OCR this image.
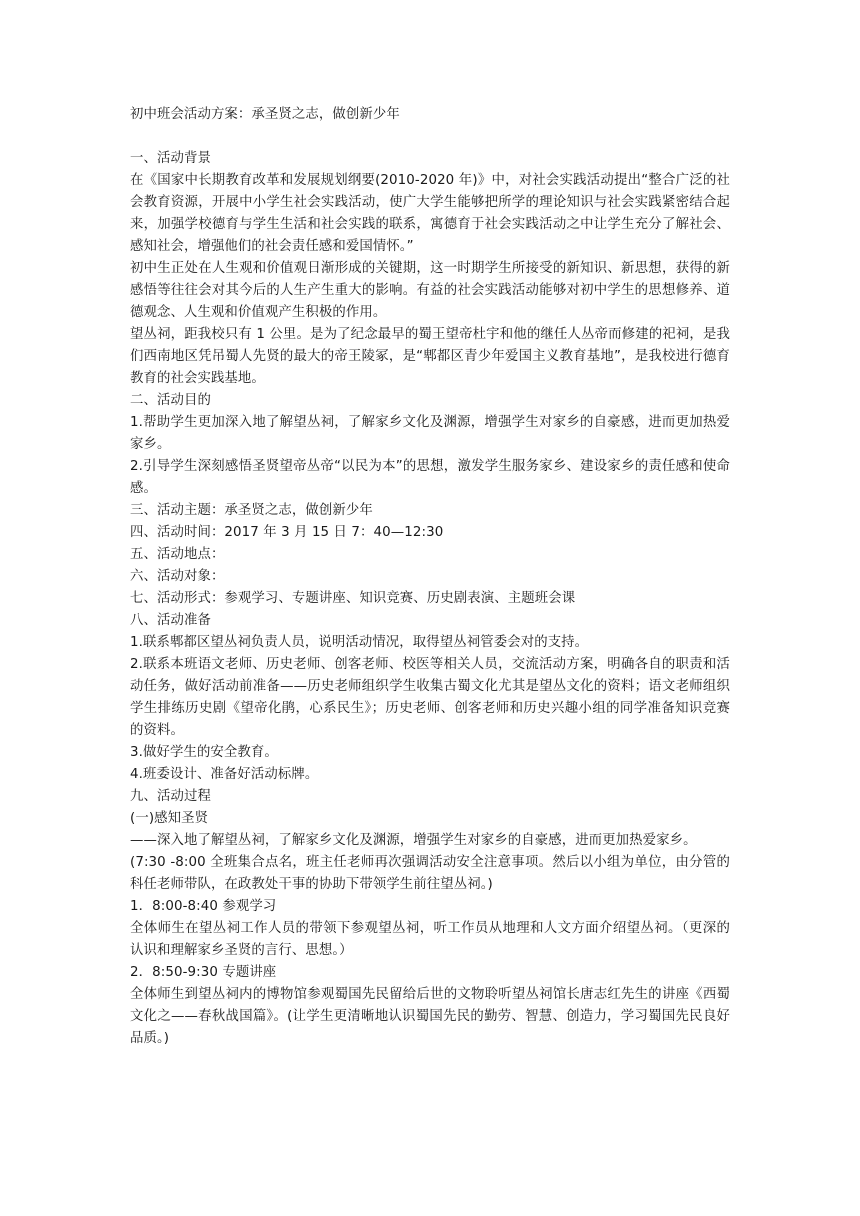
初中班会活动方案：承圣贤之志，做创新少年

一、活动背景

在《国家中长期教育改革和发展规划纲要(2010-2020 年)》中，对社会实践活动提出“整合广泛的社会教育资源，开展中小学生社会实践活动，使广大学生能够把所学的理论知识与社会实践紧密结合起来，加强学校德育与学生生活和社会实践的联系，寓德育于社会实践活动之中让学生充分了解社会、感知社会，增强他们的社会责任感和爱国情怀。”

初中生正处在人生观和价值观日渐形成的关键期，这一时期学生所接受的新知识、新思想，获得的新感悟等往往会对其今后的人生产生重大的影响。有益的社会实践活动能够对初中学生的思想修养、道德观念、人生观和价值观产生积极的作用。

望丛祠，距我校只有 1 公里。是为了纪念最早的蜀王望帝杜宇和他的继任人丛帝而修建的祀祠，是我们西南地区凭吊蜀人先贤的最大的帝王陵冢，是“郫都区青少年爱国主义教育基地”，是我校进行德育教育的社会实践基地。

二、活动目的

1.帮助学生更加深入地了解望丛祠，了解家乡文化及渊源，增强学生对家乡的自豪感，进而更加热爱家乡。

2.引导学生深刻感悟圣贤望帝丛帝“以民为本”的思想，激发学生服务家乡、建设家乡的责任感和使命感。

三、活动主题：承圣贤之志，做创新少年

四、活动时间：2017 年 3 月 15 日 7：40—12:30

五、活动地点：

六、活动对象：

七、活动形式：参观学习、专题讲座、知识竞赛、历史剧表演、主题班会课

八、活动准备

1.联系郫都区望丛祠负责人员，说明活动情况，取得望丛祠管委会对的支持。

2.联系本班语文老师、历史老师、创客老师、校医等相关人员，交流活动方案，明确各自的职责和活动任务，做好活动前准备——历史老师组织学生收集古蜀文化尤其是望丛文化的资料；语文老师组织学生排练历史剧《望帝化鹃，心系民生》；历史老师、创客老师和历史兴趣小组的同学准备知识竞赛的资料。

3.做好学生的安全教育。

4.班委设计、准备好活动标牌。

九、活动过程

(一)感知圣贤

——深入地了解望丛祠，了解家乡文化及渊源，增强学生对家乡的自豪感，进而更加热爱家乡。

(7:30 -8:00 全班集合点名，班主任老师再次强调活动安全注意事项。然后以小组为单位，由分管的科任老师带队，在政教处干事的协助下带领学生前往望丛祠。)

1．8:00-8:40 参观学习

全体师生在望丛祠工作人员的带领下参观望丛祠，听工作员从地理和人文方面介绍望丛祠。（更深的认识和理解家乡圣贤的言行、思想。）

2．8:50-9:30 专题讲座

全体师生到望丛祠内的博物馆参观蜀国先民留给后世的文物聆听望丛祠馆长唐志红先生的讲座《西蜀文化之——春秋战国篇》。(让学生更清晰地认识蜀国先民的勤劳、智慧、创造力，学习蜀国先民良好品质。)
